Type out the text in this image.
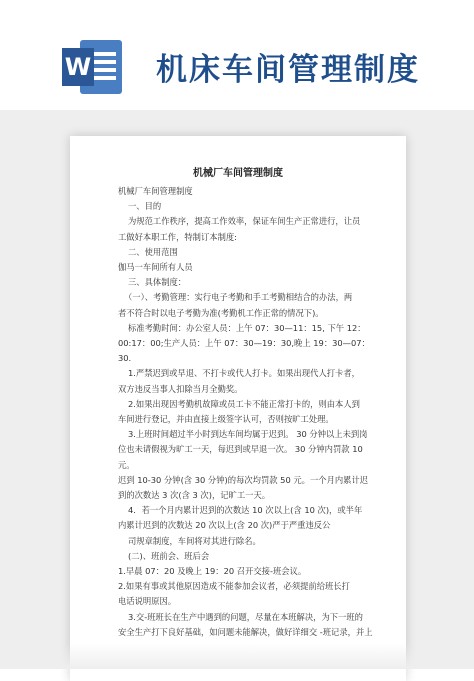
W 机床车间管理制度
机械厂车间管理制度

机械厂车间管理制度

一、目的

为规范工作秩序，提高工作效率，保证车间生产正常进行，让员

工做好本职工作，特制订本制度:

二、使用范围

伽马一车间所有人员

三、具体制度：

（一）、考勤管理：实行电子考勤和手工考勤相结合的办法，两

者不符合时以电子考勤为准(考勤机工作正常的情况下)。

标准考勤时间：办公室人员：上午 07：30—11：15, 下午 12：

00:17：00;生产人员：上午 07：30—19：30,晚上 19：30—07：30.

1.严禁迟到或早退、不打卡或代人打卡。如果出现代人打卡者，

双方违反当事人扣除当月全勤奖。

2.如果出现因考勤机故障或员工卡不能正常打卡的，则由本人到

车间进行登记，并由直接上级签字认可，否则按旷工处理。

3.上班时间超过半小时到达车间均属于迟到。 30 分钟以上未到岗

位也未请假视为旷工一天，每迟到或早退一次。 30 分钟内罚款 10 元。

迟到 10-30 分钟(含 30 分钟)的每次均罚款 50 元。一个月内累计迟

到的次数达 3 次(含 3 次)，记旷工一天。

4．若一个月内累计迟到的次数达 10 次以上(含 10 次)，或半年

内累计迟到的次数达 20 次以上(含 20 次)严于严重违反公

司规章制度，车间将对其进行除名。

(二)、班前会、班后会

1.早晨 07：20 及晚上 19：20 召开交接-班会议。

2.如果有事或其他原因造成不能参加会议者，必须提前给班长打

电话说明原因。

3.交-班班长在生产中遇到的问题，尽量在本班解决，为下一班的

安全生产打下良好基础，如问题未能解决，做好详细交 -班记录，并上
